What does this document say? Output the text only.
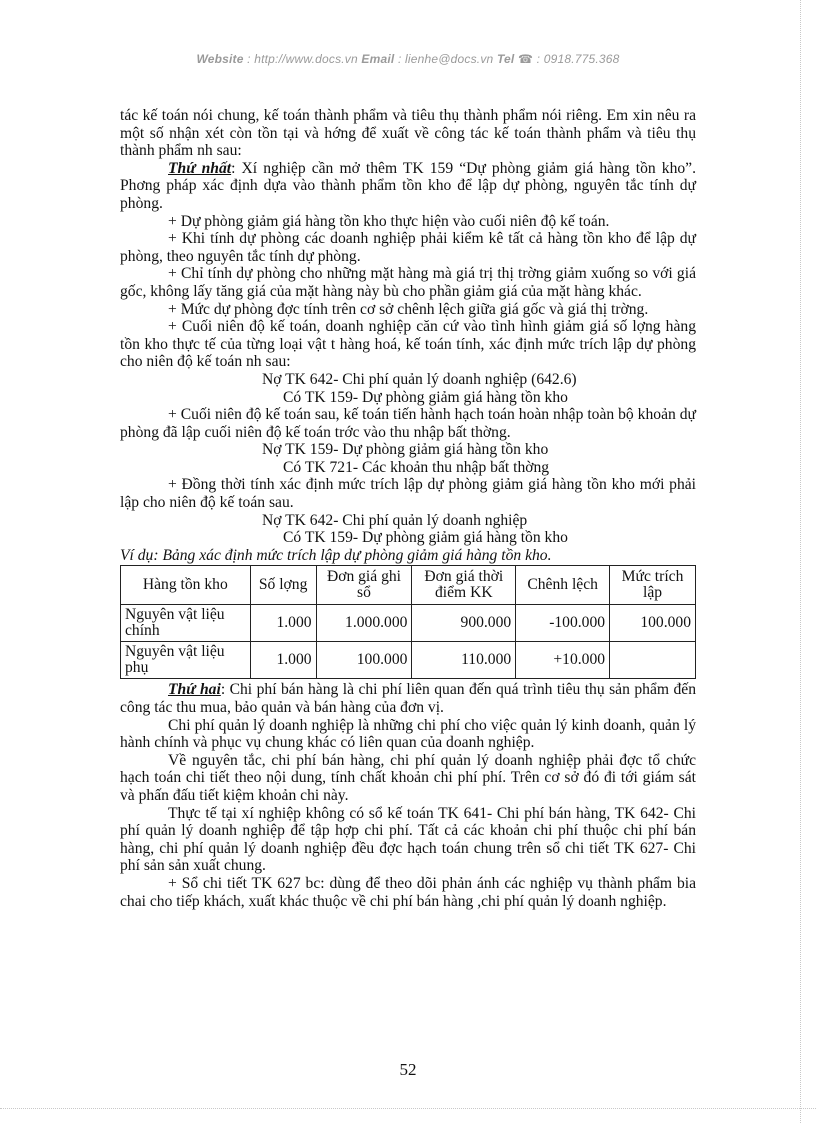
Website : http://www.docs.vn Email : lienhe@docs.vn Tel ☎ : 0918.775.368

tác kế toán nói chung, kế toán thành phẩm và tiêu thụ thành phẩm nói riêng. Em xin nêu ra một số nhận xét còn tồn tại và hớng để xuất về công tác kế toán thành phẩm và tiêu thụ thành phẩm nh sau:

Thứ nhất: Xí nghiệp cần mở thêm TK 159 “Dự phòng giảm giá hàng tồn kho”. Phơng pháp xác định dựa vào thành phẩm tồn kho để lập dự phòng, nguyên tắc tính dự phòng.

+ Dự phòng giảm giá hàng tồn kho thực hiện vào cuối niên độ kế toán.

+ Khi tính dự phòng các doanh nghiệp phải kiểm kê tất cả hàng tồn kho để lập dự phòng, theo nguyên tắc tính dự phòng.

+ Chỉ tính dự phòng cho những mặt hàng mà giá trị thị trờng giảm xuống so với giá gốc, không lấy tăng giá của mặt hàng này bù cho phần giảm giá của mặt hàng khác.

+ Mức dự phòng đợc tính trên cơ sở chênh lệch giữa giá gốc và giá thị trờng.

+ Cuối niên độ kế toán, doanh nghiệp căn cứ vào tình hình giảm giá số lợng hàng tồn kho thực tế của từng loại vật t hàng hoá, kế toán tính, xác định mức trích lập dự phòng cho niên độ kế toán nh sau:

Nợ TK 642- Chi phí quản lý doanh nghiệp (642.6)

Có TK 159- Dự phòng giảm giá hàng tồn kho

+ Cuối niên độ kế toán sau, kế toán tiến hành hạch toán hoàn nhập toàn bộ khoản dự phòng đã lập cuối niên độ kế toán trớc vào thu nhập bất thờng.

Nợ TK 159- Dự phòng giảm giá hàng tồn kho

Có TK 721- Các khoản thu nhập bất thờng

+ Đồng thời tính xác định mức trích lập dự phòng giảm giá hàng tồn kho mới phải lập cho niên độ kế toán sau.

Nợ TK 642- Chi phí quản lý doanh nghiệp

Có TK 159- Dự phòng giảm giá hàng tồn kho

Ví dụ: Bảng xác định mức trích lập dự phòng giảm giá hàng tồn kho.

Hàng tồn kho	Số lợng	Đơn giá ghi sổ	Đơn giá thời điểm KK	Chênh lệch	Mức trích lập
Nguyên vật liệu chính	1.000	1.000.000	900.000	-100.000	100.000
Nguyên vật liệu phụ	1.000	100.000	110.000	+10.000	

Thứ hai: Chi phí bán hàng là chi phí liên quan đến quá trình tiêu thụ sản phẩm đến công tác thu mua, bảo quản và bán hàng của đơn vị.

Chi phí quản lý doanh nghiệp là những chi phí cho việc quản lý kinh doanh, quản lý hành chính và phục vụ chung khác có liên quan của doanh nghiệp.

Về nguyên tắc, chi phí bán hàng, chi phí quản lý doanh nghiệp phải đợc tổ chức hạch toán chi tiết theo nội dung, tính chất khoản chi phí phí. Trên cơ sở đó đi tới giám sát và phấn đấu tiết kiệm khoản chi này.

Thực tế tại xí nghiệp không có sổ kế toán TK 641- Chi phí bán hàng, TK 642- Chi phí quản lý doanh nghiệp để tập hợp chi phí. Tất cả các khoản chi phí thuộc chi phí bán hàng, chi phí quản lý doanh nghiệp đều đợc hạch toán chung trên sổ chi tiết TK 627- Chi phí sản sản xuất chung.

+ Sổ chi tiết TK 627 bc: dùng để theo dõi phản ánh các nghiệp vụ thành phẩm bia chai cho tiếp khách, xuất khác thuộc về chi phí bán hàng ,chi phí quản lý doanh nghiệp.

52
